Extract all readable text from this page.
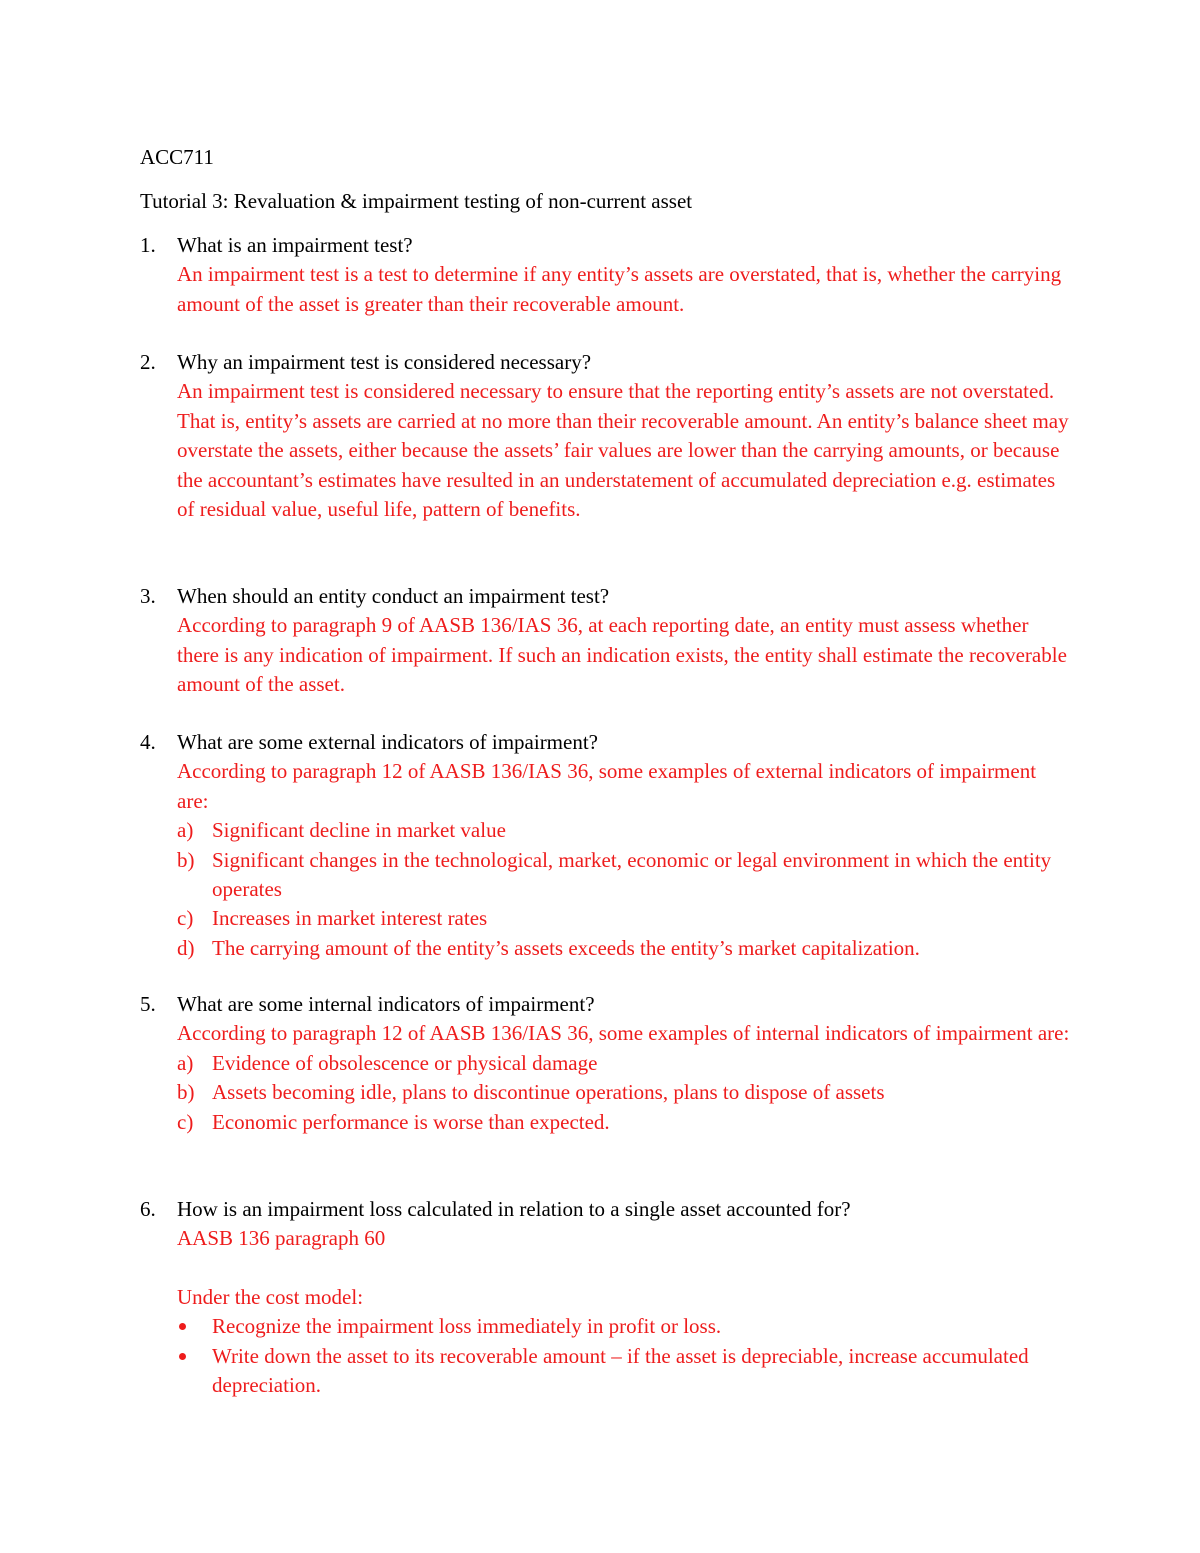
ACC711
Tutorial 3: Revaluation & impairment testing of non-current asset
1.	What is an impairment test?
An impairment test is a test to determine if any entity’s assets are overstated, that is, whether the carrying amount of the asset is greater than their recoverable amount.
2.	Why an impairment test is considered necessary?
An impairment test is considered necessary to ensure that the reporting entity’s assets are not overstated. That is, entity’s assets are carried at no more than their recoverable amount. An entity’s balance sheet may overstate the assets, either because the assets’ fair values are lower than the carrying amounts, or because the accountant’s estimates have resulted in an understatement of accumulated depreciation e.g. estimates of residual value, useful life, pattern of benefits.
3.	When should an entity conduct an impairment test?
According to paragraph 9 of AASB 136/IAS 36, at each reporting date, an entity must assess whether there is any indication of impairment. If such an indication exists, the entity shall estimate the recoverable amount of the asset.
4.	What are some external indicators of impairment?
According to paragraph 12 of AASB 136/IAS 36, some examples of external indicators of impairment are:
a) Significant decline in market value
b) Significant changes in the technological, market, economic or legal environment in which the entity operates
c) Increases in market interest rates
d) The carrying amount of the entity’s assets exceeds the entity’s market capitalization.
5.	What are some internal indicators of impairment?
According to paragraph 12 of AASB 136/IAS 36, some examples of internal indicators of impairment are:
a) Evidence of obsolescence or physical damage
b) Assets becoming idle, plans to discontinue operations, plans to dispose of assets
c) Economic performance is worse than expected.
6.	How is an impairment loss calculated in relation to a single asset accounted for?
AASB 136 paragraph 60
Under the cost model:
Recognize the impairment loss immediately in profit or loss.
Write down the asset to its recoverable amount – if the asset is depreciable, increase accumulated depreciation.
